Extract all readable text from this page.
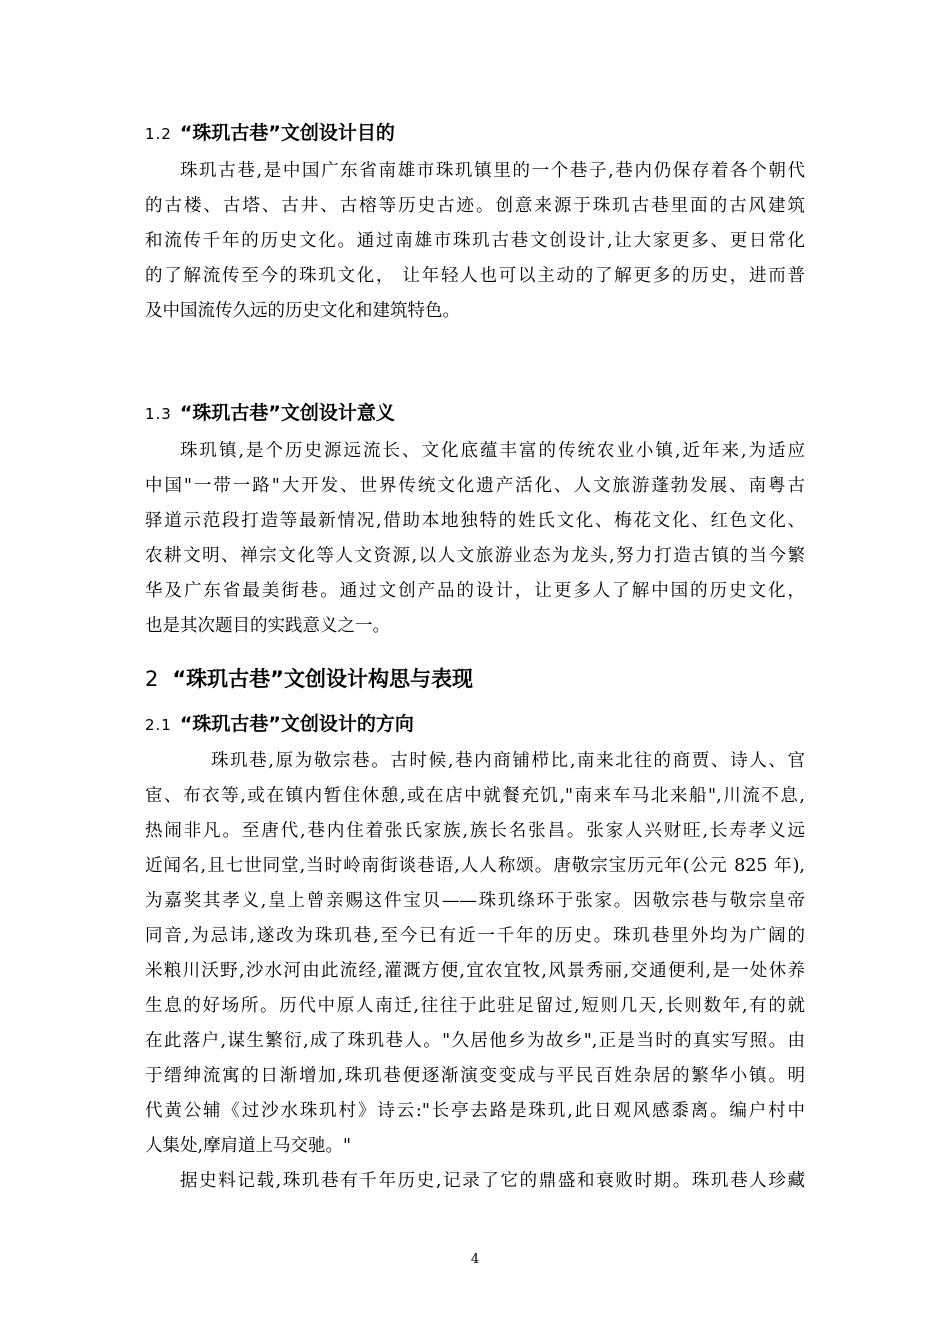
1.2 “珠玑古巷”文创设计目的
珠玑古巷,是中国广东省南雄市珠玑镇里的一个巷子,巷内仍保存着各个朝代
的古楼、古塔、古井、古榕等历史古迹。创意来源于珠玑古巷里面的古风建筑
和流传千年的历史文化。通过南雄市珠玑古巷文创设计,让大家更多、更日常化
的了解流传至今的珠玑文化， 让年轻人也可以主动的了解更多的历史，进而普
及中国流传久远的历史文化和建筑特色。
1.3 “珠玑古巷”文创设计意义
珠玑镇,是个历史源远流长、文化底蕴丰富的传统农业小镇,近年来,为适应
中国"一带一路"大开发、世界传统文化遗产活化、人文旅游蓬勃发展、南粤古
驿道示范段打造等最新情况,借助本地独特的姓氏文化、梅花文化、红色文化、
农耕文明、禅宗文化等人文资源,以人文旅游业态为龙头,努力打造古镇的当今繁
华及广东省最美街巷。通过文创产品的设计，让更多人了解中国的历史文化，
也是其次题目的实践意义之一。
2 “珠玑古巷”文创设计构思与表现
2.1 “珠玑古巷”文创设计的方向
珠玑巷,原为敬宗巷。古时候,巷内商铺栉比,南来北往的商贾、诗人、官
宦、布衣等,或在镇内暂住休憩,或在店中就餐充饥,"南来车马北来船",川流不息,
热闹非凡。至唐代,巷内住着张氏家族,族长名张昌。张家人兴财旺,长寿孝义远
近闻名,且七世同堂,当时岭南街谈巷语,人人称颂。唐敬宗宝历元年(公元 825 年),
为嘉奖其孝义,皇上曾亲赐这件宝贝——珠玑绦环于张家。因敬宗巷与敬宗皇帝
同音,为忌讳,遂改为珠玑巷,至今已有近一千年的历史。珠玑巷里外均为广阔的
米粮川沃野,沙水河由此流经,灌溉方便,宜农宜牧,风景秀丽,交通便利,是一处休养
生息的好场所。历代中原人南迁,往往于此驻足留过,短则几天,长则数年,有的就
在此落户,谋生繁衍,成了珠玑巷人。"久居他乡为故乡",正是当时的真实写照。由
于缙绅流寓的日渐增加,珠玑巷便逐渐演变变成与平民百姓杂居的繁华小镇。明
代黄公辅《过沙水珠玑村》诗云:"长亭去路是珠玑,此日观风感黍离。编户村中
人集处,摩肩道上马交驰。"
据史料记载,珠玑巷有千年历史,记录了它的鼎盛和衰败时期。珠玑巷人珍藏
4
